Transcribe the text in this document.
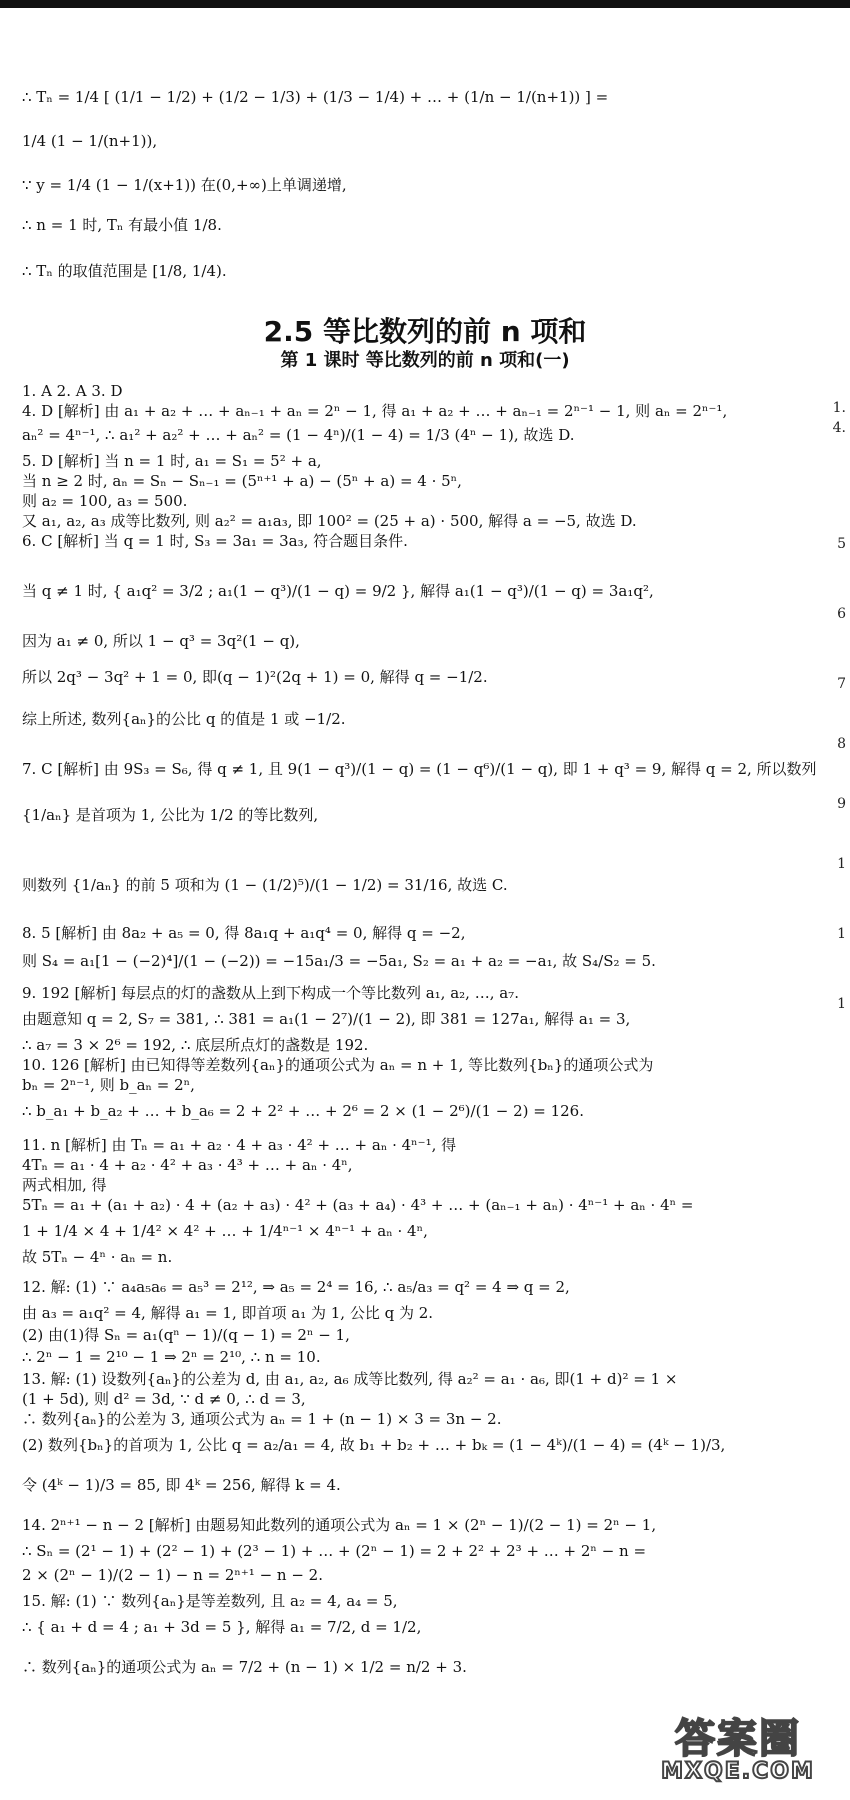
∴ Tₙ = 1/4 [ (1/1 − 1/2) + (1/2 − 1/3) + (1/3 − 1/4) + … + (1/n − 1/(n+1)) ] =
1/4 (1 − 1/(n+1)),
∵ y = 1/4 (1 − 1/(x+1)) 在(0,+∞)上单调递增,
∴ n = 1 时, Tₙ 有最小值 1/8.
∴ Tₙ 的取值范围是 [1/8, 1/4).
1. A 2. A 3. D
4. D [解析] 由 a₁ + a₂ + … + aₙ₋₁ + aₙ = 2ⁿ − 1, 得 a₁ + a₂ + … + aₙ₋₁ = 2ⁿ⁻¹ − 1, 则 aₙ = 2ⁿ⁻¹,
aₙ² = 4ⁿ⁻¹, ∴ a₁² + a₂² + … + aₙ² = (1 − 4ⁿ)/(1 − 4) = 1/3 (4ⁿ − 1), 故选 D.
5. D [解析] 当 n = 1 时, a₁ = S₁ = 5² + a,
当 n ≥ 2 时, aₙ = Sₙ − Sₙ₋₁ = (5ⁿ⁺¹ + a) − (5ⁿ + a) = 4 · 5ⁿ,
则 a₂ = 100, a₃ = 500.
又 a₁, a₂, a₃ 成等比数列, 则 a₂² = a₁a₃, 即 100² = (25 + a) · 500, 解得 a = −5, 故选 D.
6. C [解析] 当 q = 1 时, S₃ = 3a₁ = 3a₃, 符合题目条件.
当 q ≠ 1 时, { a₁q² = 3/2 ; a₁(1 − q³)/(1 − q) = 9/2 }, 解得 a₁(1 − q³)/(1 − q) = 3a₁q²,
因为 a₁ ≠ 0, 所以 1 − q³ = 3q²(1 − q),
所以 2q³ − 3q² + 1 = 0, 即(q − 1)²(2q + 1) = 0, 解得 q = −1/2.
综上所述, 数列{aₙ}的公比 q 的值是 1 或 −1/2.
7. C [解析] 由 9S₃ = S₆, 得 q ≠ 1, 且 9(1 − q³)/(1 − q) = (1 − q⁶)/(1 − q), 即 1 + q³ = 9, 解得 q = 2, 所以数列
{1/aₙ} 是首项为 1, 公比为 1/2 的等比数列,
则数列 {1/aₙ} 的前 5 项和为 (1 − (1/2)⁵)/(1 − 1/2) = 31/16, 故选 C.
8. 5 [解析] 由 8a₂ + a₅ = 0, 得 8a₁q + a₁q⁴ = 0, 解得 q = −2,
则 S₄ = a₁[1 − (−2)⁴]/(1 − (−2)) = −15a₁/3 = −5a₁, S₂ = a₁ + a₂ = −a₁, 故 S₄/S₂ = 5.
9. 192 [解析] 每层点的灯的盏数从上到下构成一个等比数列 a₁, a₂, …, a₇.
由题意知 q = 2, S₇ = 381, ∴ 381 = a₁(1 − 2⁷)/(1 − 2), 即 381 = 127a₁, 解得 a₁ = 3,
∴ a₇ = 3 × 2⁶ = 192, ∴ 底层所点灯的盏数是 192.
10. 126 [解析] 由已知得等差数列{aₙ}的通项公式为 aₙ = n + 1, 等比数列{bₙ}的通项公式为
bₙ = 2ⁿ⁻¹, 则 b_aₙ = 2ⁿ,
∴ b_a₁ + b_a₂ + … + b_a₆ = 2 + 2² + … + 2⁶ = 2 × (1 − 2⁶)/(1 − 2) = 126.
11. n [解析] 由 Tₙ = a₁ + a₂ · 4 + a₃ · 4² + … + aₙ · 4ⁿ⁻¹, 得
4Tₙ = a₁ · 4 + a₂ · 4² + a₃ · 4³ + … + aₙ · 4ⁿ,
两式相加, 得
5Tₙ = a₁ + (a₁ + a₂) · 4 + (a₂ + a₃) · 4² + (a₃ + a₄) · 4³ + … + (aₙ₋₁ + aₙ) · 4ⁿ⁻¹ + aₙ · 4ⁿ =
1 + 1/4 × 4 + 1/4² × 4² + … + 1/4ⁿ⁻¹ × 4ⁿ⁻¹ + aₙ · 4ⁿ,
故 5Tₙ − 4ⁿ · aₙ = n.
12. 解: (1) ∵ a₄a₅a₆ = a₅³ = 2¹², ⇒ a₅ = 2⁴ = 16, ∴ a₅/a₃ = q² = 4 ⇒ q = 2,
由 a₃ = a₁q² = 4, 解得 a₁ = 1, 即首项 a₁ 为 1, 公比 q 为 2.
(2) 由(1)得 Sₙ = a₁(qⁿ − 1)/(q − 1) = 2ⁿ − 1,
∴ 2ⁿ − 1 = 2¹⁰ − 1 ⇒ 2ⁿ = 2¹⁰, ∴ n = 10.
13. 解: (1) 设数列{aₙ}的公差为 d, 由 a₁, a₂, a₆ 成等比数列, 得 a₂² = a₁ · a₆, 即(1 + d)² = 1 ×
(1 + 5d), 则 d² = 3d, ∵ d ≠ 0, ∴ d = 3,
∴ 数列{aₙ}的公差为 3, 通项公式为 aₙ = 1 + (n − 1) × 3 = 3n − 2.
(2) 数列{bₙ}的首项为 1, 公比 q = a₂/a₁ = 4, 故 b₁ + b₂ + … + bₖ = (1 − 4ᵏ)/(1 − 4) = (4ᵏ − 1)/3,
令 (4ᵏ − 1)/3 = 85, 即 4ᵏ = 256, 解得 k = 4.
14. 2ⁿ⁺¹ − n − 2 [解析] 由题易知此数列的通项公式为 aₙ = 1 × (2ⁿ − 1)/(2 − 1) = 2ⁿ − 1,
∴ Sₙ = (2¹ − 1) + (2² − 1) + (2³ − 1) + … + (2ⁿ − 1) = 2 + 2² + 2³ + … + 2ⁿ − n =
2 × (2ⁿ − 1)/(2 − 1) − n = 2ⁿ⁺¹ − n − 2.
15. 解: (1) ∵ 数列{aₙ}是等差数列, 且 a₂ = 4, a₄ = 5,
∴ { a₁ + d = 4 ; a₁ + 3d = 5 }, 解得 a₁ = 7/2, d = 1/2,
∴ 数列{aₙ}的通项公式为 aₙ = 7/2 + (n − 1) × 1/2 = n/2 + 3.
2.5 等比数列的前 n 项和
第 1 课时 等比数列的前 n 项和(一)
1.
4.
5
6
7
8
9
1
1
1
答案圈
MXQE.COM
